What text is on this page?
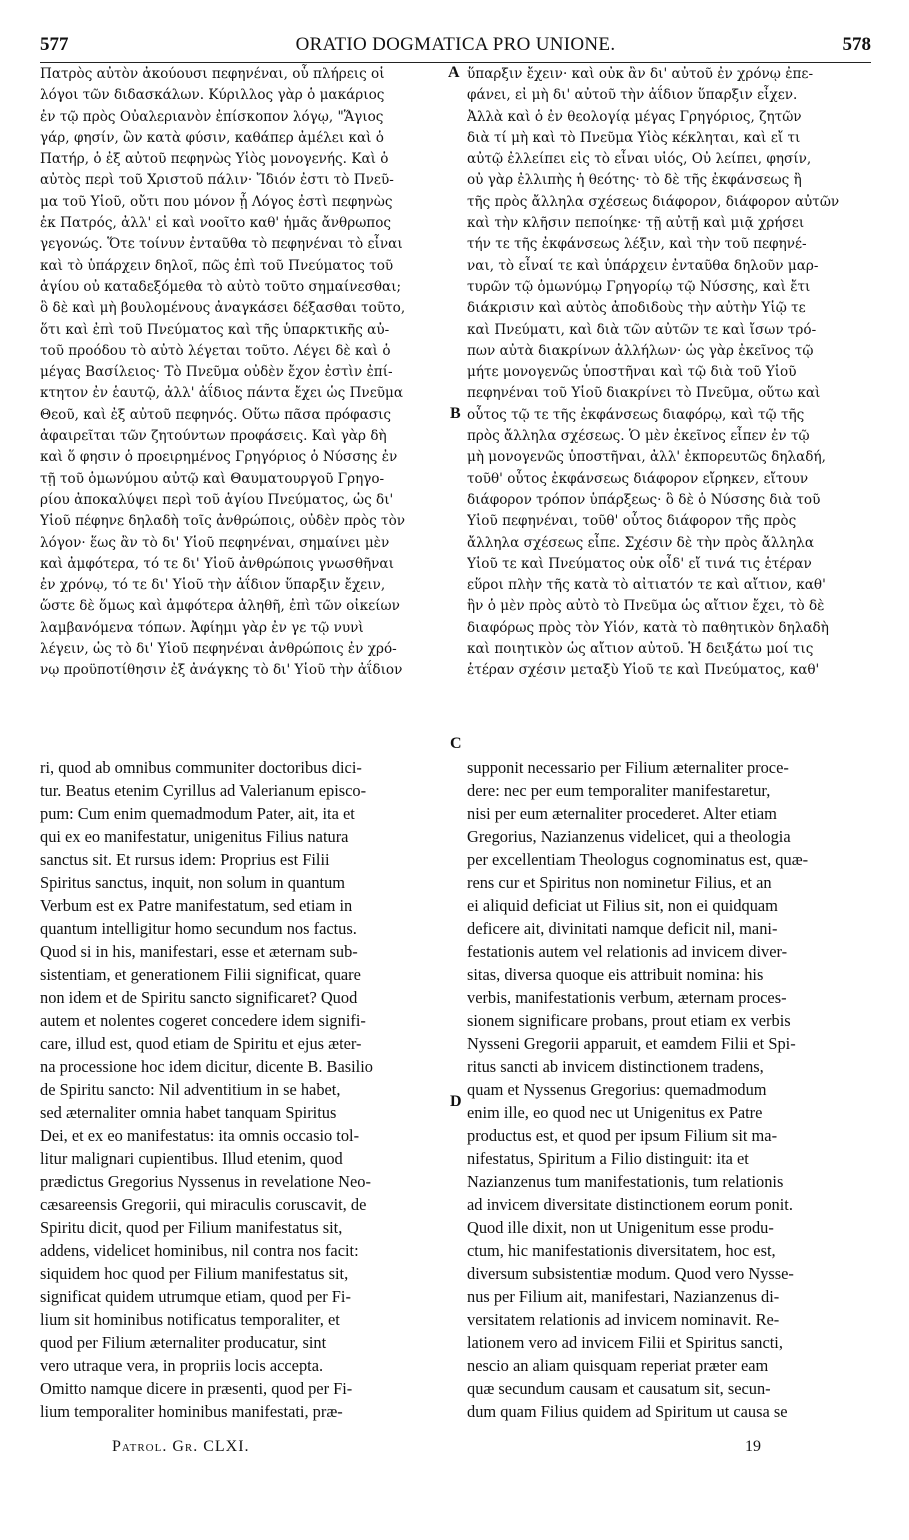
577	ORATIO DOGMATICA PRO UNIONE.	578
Πατρὸς αὐτὸν ἀκούουσι πεφηνέναι, οὗ πλήρεις οἱ
λόγοι τῶν διδασκάλων. Κύριλλος γὰρ ὁ μακάριος
ἐν τῷ πρὸς Οὐαλεριανὸν ἐπίσκοπον λόγῳ, "Ἅγιος
γάρ, φησίν, ὢν κατὰ φύσιν, καθάπερ ἀμέλει καὶ ὁ
Πατήρ, ὁ ἐξ αὐτοῦ πεφηνὼς Υἱὸς μονογενής. Καὶ ὁ
αὐτὸς περὶ τοῦ Χριστοῦ πάλιν· Ἴδιόν ἐστι τὸ Πνεῦ-
μα τοῦ Υἱοῦ, οὔτι που μόνον ᾗ Λόγος ἐστὶ πεφηνὼς
ἐκ Πατρός, ἀλλ' εἰ καὶ νοοῖτο καθ' ἡμᾶς ἄνθρωπος
γεγονώς. Ὅτε τοίνυν ἐνταῦθα τὸ πεφηνέναι τὸ εἶναι
καὶ τὸ ὑπάρχειν δηλοῖ, πῶς ἐπὶ τοῦ Πνεύματος τοῦ
ἁγίου οὐ καταδεξόμεθα τὸ αὐτὸ τοῦτο σημαίνεσθαι;
ὃ δὲ καὶ μὴ βουλομένους ἀναγκάσει δέξασθαι τοῦτο,
ὅτι καὶ ἐπὶ τοῦ Πνεύματος καὶ τῆς ὑπαρκτικῆς αὐ-
τοῦ προόδου τὸ αὐτὸ λέγεται τοῦτο. Λέγει δὲ καὶ ὁ
μέγας Βασίλειος· Τὸ Πνεῦμα οὐδὲν ἔχον ἐστὶν ἐπί-
κτητον ἐν ἑαυτῷ, ἀλλ' ἀΐδιος πάντα ἔχει ὡς Πνεῦμα
Θεοῦ, καὶ ἐξ αὐτοῦ πεφηνός. Οὕτω πᾶσα πρόφασις
ἀφαιρεῖται τῶν ζητούντων προφάσεις. Καὶ γὰρ δὴ
καὶ ὅ φησιν ὁ προειρημένος Γρηγόριος ὁ Νύσσης ἐν
τῇ τοῦ ὁμωνύμου αὐτῷ καὶ Θαυματουργοῦ Γρηγο-
ρίου ἀποκαλύψει περὶ τοῦ ἁγίου Πνεύματος, ὡς δι'
Υἱοῦ πέφηνε δηλαδὴ τοῖς ἀνθρώποις, οὐδὲν πρὸς τὸν
λόγον· ἕως ἂν τὸ δι' Υἱοῦ πεφηνέναι, σημαίνει μὲν
καὶ ἀμφότερα, τό τε δι' Υἱοῦ ἀνθρώποις γνωσθῆναι
ἐν χρόνῳ, τό τε δι' Υἱοῦ τὴν ἀΐδιον ὕπαρξιν ἔχειν,
ὥστε δὲ ὅμως καὶ ἀμφότερα ἀληθῆ, ἐπὶ τῶν οἰκείων
λαμβανόμενα τόπων. Ἀφίημι γὰρ ἐν γε τῷ νυνὶ
λέγειν, ὡς τὸ δι' Υἱοῦ πεφηνέναι ἀνθρώποις ἐν χρό-
νῳ προϋποτίθησιν ἐξ ἀνάγκης τὸ δι' Υἱοῦ τὴν ἀΐδιον
ὕπαρξιν ἔχειν· καὶ οὐκ ἂν δι' αὐτοῦ ἐν χρόνῳ ἐπε-
φάνει, εἰ μὴ δι' αὐτοῦ τὴν ἀΐδιον ὕπαρξιν εἶχεν.
Ἀλλὰ καὶ ὁ ἐν θεολογίᾳ μέγας Γρηγόριος, ζητῶν
διὰ τί μὴ καὶ τὸ Πνεῦμα Υἱὸς κέκληται, καὶ εἴ τι
αὐτῷ ἐλλείπει εἰς τὸ εἶναι υἱός, Οὐ λείπει, φησίν,
οὐ γὰρ ἐλλιπὴς ἡ θεότης· τὸ δὲ τῆς ἐκφάνσεως ἢ
τῆς πρὸς ἄλληλα σχέσεως διάφορον, διάφορον αὐτῶν
καὶ τὴν κλῆσιν πεποίηκε· τῇ αὐτῇ καὶ μιᾷ χρήσει
τήν τε τῆς ἐκφάνσεως λέξιν, καὶ τὴν τοῦ πεφηνέ-
ναι, τὸ εἶναί τε καὶ ὑπάρχειν ἐνταῦθα δηλοῦν μαρ-
τυρῶν τῷ ὁμωνύμῳ Γρηγορίῳ τῷ Νύσσης, καὶ ἔτι
διάκρισιν καὶ αὐτὸς ἀποδιδοὺς τὴν αὐτὴν Υἱῷ τε
καὶ Πνεύματι, καὶ διὰ τῶν αὐτῶν τε καὶ ἴσων τρό-
πων αὐτὰ διακρίνων ἀλλήλων· ὡς γὰρ ἐκεῖνος τῷ
μήτε μονογενῶς ὑποστῆναι καὶ τῷ διὰ τοῦ Υἱοῦ
πεφηνέναι τοῦ Υἱοῦ διακρίνει τὸ Πνεῦμα, οὕτω καὶ
οὗτος τῷ τε τῆς ἐκφάνσεως διαφόρῳ, καὶ τῷ τῆς
πρὸς ἄλληλα σχέσεως. Ὁ μὲν ἐκεῖνος εἶπεν ἐν τῷ
μὴ μονογενῶς ὑποστῆναι, ἀλλ' ἐκπορευτῶς δηλαδή,
τοῦθ' οὗτος ἐκφάνσεως διάφορον εἴρηκεν, εἴτουν
διάφορον τρόπον ὑπάρξεως· ὃ δὲ ὁ Νύσσης διὰ τοῦ
Υἱοῦ πεφηνέναι, τοῦθ' οὗτος διάφορον τῆς πρὸς
ἄλληλα σχέσεως εἶπε. Σχέσιν δὲ τὴν πρὸς ἄλληλα
Υἱοῦ τε καὶ Πνεύματος οὐκ οἶδ' εἴ τινά τις ἑτέραν
εὕροι πλὴν τῆς κατὰ τὸ αἰτιατόν τε καὶ αἴτιον, καθ'
ἣν ὁ μὲν πρὸς αὐτὸ τὸ Πνεῦμα ὡς αἴτιον ἔχει, τὸ δὲ
διαφόρως πρὸς τὸν Υἱόν, κατὰ τὸ παθητικὸν δηλαδὴ
καὶ ποιητικὸν ὡς αἴτιον αὐτοῦ. Ἡ δειξάτω μοί τις
ἑτέραν σχέσιν μεταξὺ Υἱοῦ τε καὶ Πνεύματος, καθ'
ri, quod ab omnibus communiter doctoribus dici-
tur. Beatus etenim Cyrillus ad Valerianum episco-
pum: Cum enim quemadmodum Pater, ait, ita et
qui ex eo manifestatur, unigenitus Filius natura
sanctus sit. Et rursus idem: Proprius est Filii
Spiritus sanctus, inquit, non solum in quantum
Verbum est ex Patre manifestatum, sed etiam in
quantum intelligitur homo secundum nos factus.
Quod si in his, manifestari, esse et æternam sub-
sistentiam, et generationem Filii significat, quare
non idem et de Spiritu sancto significaret? Quod
autem et nolentes cogeret concedere idem signifi-
care, illud est, quod etiam de Spiritu et ejus æter-
na processione hoc idem dicitur, dicente B. Basilio
de Spiritu sancto: Nil adventitium in se habet,
sed æternaliter omnia habet tanquam Spiritus
Dei, et ex eo manifestatus: ita omnis occasio tol-
litur malignari cupientibus. Illud etenim, quod
prædictus Gregorius Nyssenus in revelatione Neo-
cæsareensis Gregorii, qui miraculis coruscavit, de
Spiritu dicit, quod per Filium manifestatus sit,
addens, videlicet hominibus, nil contra nos facit:
siquidem hoc quod per Filium manifestatus sit,
significat quidem utrumque etiam, quod per Fi-
lium sit hominibus notificatus temporaliter, et
quod per Filium æternaliter producatur, sint
vero utraque vera, in propriis locis accepta.
Omitto namque dicere in præsenti, quod per Fi-
lium temporaliter hominibus manifestati, præ-
supponit necessario per Filium æternaliter proce-
dere: nec per eum temporaliter manifestaretur,
nisi per eum æternaliter procederet. Alter etiam
Gregorius, Nazianzenus videlicet, qui a theologia
per excellentiam Theologus cognominatus est, quæ-
rens cur et Spiritus non nominetur Filius, et an
ei aliquid deficiat ut Filius sit, non ei quidquam
deficere ait, divinitati namque deficit nil, mani-
festationis autem vel relationis ad invicem diver-
sitas, diversa quoque eis attribuit nomina: his
verbis, manifestationis verbum, æternam proces-
sionem significare probans, prout etiam ex verbis
Nysseni Gregorii apparuit, et eamdem Filii et Spi-
ritus sancti ab invicem distinctionem tradens,
quam et Nyssenus Gregorius: quemadmodum
enim ille, eo quod nec ut Unigenitus ex Patre
productus est, et quod per ipsum Filium sit ma-
nifestatus, Spiritum a Filio distinguit: ita et
Nazianzenus tum manifestationis, tum relationis
ad invicem diversitate distinctionem eorum ponit.
Quod ille dixit, non ut Unigenitum esse produ-
ctum, hic manifestationis diversitatem, hoc est,
diversum subsistentiæ modum. Quod vero Nysse-
nus per Filium ait, manifestari, Nazianzenus di-
versitatem relationis ad invicem nominavit. Re-
lationem vero ad invicem Filii et Spiritus sancti,
nescio an aliam quisquam reperiat præter eam
quæ secundum causam et causatum sit, secun-
dum quam Filius quidem ad Spiritum ut causa se
A
B
C
D
Patrol. Gr. CLXI.	19
